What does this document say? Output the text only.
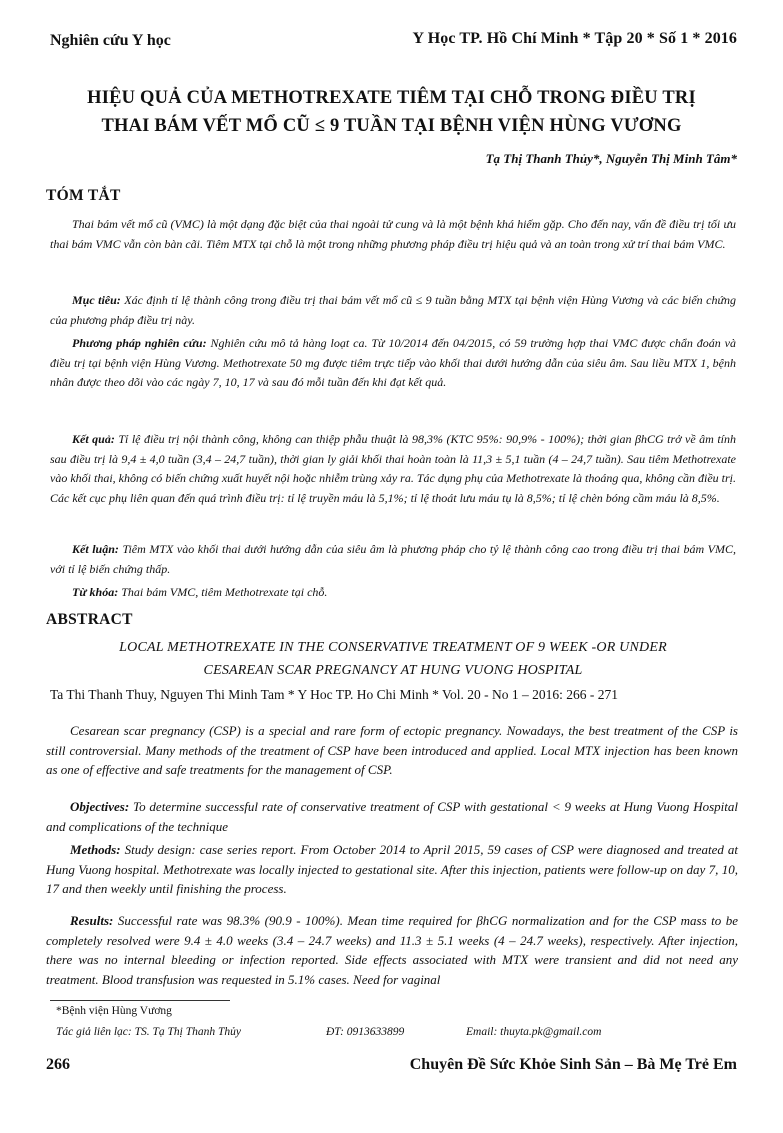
Nghiên cứu Y học	Y Học TP. Hồ Chí Minh * Tập 20 * Số 1 * 2016
HIỆU QUẢ CỦA METHOTREXATE TIÊM TẠI CHỖ TRONG ĐIỀU TRỊ
THAI BÁM VẾT MỔ CŨ ≤ 9 TUẦN TẠI BỆNH VIỆN HÙNG VƯƠNG
Tạ Thị Thanh Thủy*, Nguyễn Thị Minh Tâm*
TÓM TẮT

Thai bám vết mổ cũ (VMC) là một dạng đặc biệt của thai ngoài tử cung và là một bệnh khá hiếm gặp. Cho đến nay, vấn đề điều trị tối ưu thai bám VMC vẫn còn bàn cãi. Tiêm MTX tại chỗ là một trong những phương pháp điều trị hiệu quả và an toàn trong xử trí thai bám VMC.

Mục tiêu: Xác định tỉ lệ thành công trong điều trị thai bám vết mổ cũ ≤ 9 tuần bằng MTX tại bệnh viện Hùng Vương và các biến chứng của phương pháp điều trị này.

Phương pháp nghiên cứu: Nghiên cứu mô tả hàng loạt ca. Từ 10/2014 đến 04/2015, có 59 trường hợp thai VMC được chẩn đoán và điều trị tại bệnh viện Hùng Vương. Methotrexate 50 mg được tiêm trực tiếp vào khối thai dưới hướng dẫn của siêu âm. Sau liều MTX 1, bệnh nhân được theo dõi vào các ngày 7, 10, 17 và sau đó mỗi tuần đến khi đạt kết quả.

Kết quả: Tỉ lệ điều trị nội thành công, không can thiệp phẫu thuật là 98,3% (KTC 95%: 90,9% - 100%); thời gian βhCG trở về âm tính sau điều trị là 9,4 ± 4,0 tuần (3,4 – 24,7 tuần), thời gian ly giải khối thai hoàn toàn là 11,3 ± 5,1 tuần (4 – 24,7 tuần). Sau tiêm Methotrexate vào khối thai, không có biến chứng xuất huyết nội hoặc nhiễm trùng xảy ra. Tác dụng phụ của Methotrexate là thoáng qua, không cần điều trị. Các kết cục phụ liên quan đến quá trình điều trị: tỉ lệ truyền máu là 5,1%; tỉ lệ thoát lưu máu tụ là 8,5%; tỉ lệ chèn bóng cầm máu là 8,5%.

Kết luận: Tiêm MTX vào khối thai dưới hướng dẫn của siêu âm là phương pháp cho tỷ lệ thành công cao trong điều trị thai bám VMC, với tỉ lệ biến chứng thấp.

Từ khóa: Thai bám VMC, tiêm Methotrexate tại chỗ.

ABSTRACT
LOCAL METHOTREXATE IN THE CONSERVATIVE TREATMENT OF 9 WEEK -OR UNDER
CESAREAN SCAR PREGNANCY AT HUNG VUONG HOSPITAL
Ta Thi Thanh Thuy, Nguyen Thi Minh Tam * Y Hoc TP. Ho Chi Minh * Vol. 20 - No 1 – 2016: 266 - 271

Cesarean scar pregnancy (CSP) is a special and rare form of ectopic pregnancy. Nowadays, the best treatment of the CSP is still controversial. Many methods of the treatment of CSP have been introduced and applied. Local MTX injection has been known as one of effective and safe treatments for the management of CSP.

Objectives: To determine successful rate of conservative treatment of CSP with gestational < 9 weeks at Hung Vuong Hospital and complications of the technique

Methods: Study design: case series report. From October 2014 to April 2015, 59 cases of CSP were diagnosed and treated at Hung Vuong hospital. Methotrexate was locally injected to gestational site. After this injection, patients were follow-up on day 7, 10, 17 and then weekly until finishing the process.

Results: Successful rate was 98.3% (90.9 - 100%). Mean time required for βhCG normalization and for the CSP mass to be completely resolved were 9.4 ± 4.0 weeks (3.4 – 24.7 weeks) and 11.3 ± 5.1 weeks (4 – 24.7 weeks), respectively. After injection, there was no internal bleeding or infection reported. Side effects associated with MTX were transient and did not need any treatment. Blood transfusion was requested in 5.1% cases. Need for vaginal

*Bệnh viện Hùng Vương
Tác giả liên lạc: TS. Tạ Thị Thanh Thủy	ĐT: 0913633899	Email: thuyta.pk@gmail.com
266	Chuyên Đề Sức Khỏe Sinh Sản – Bà Mẹ Trẻ Em
